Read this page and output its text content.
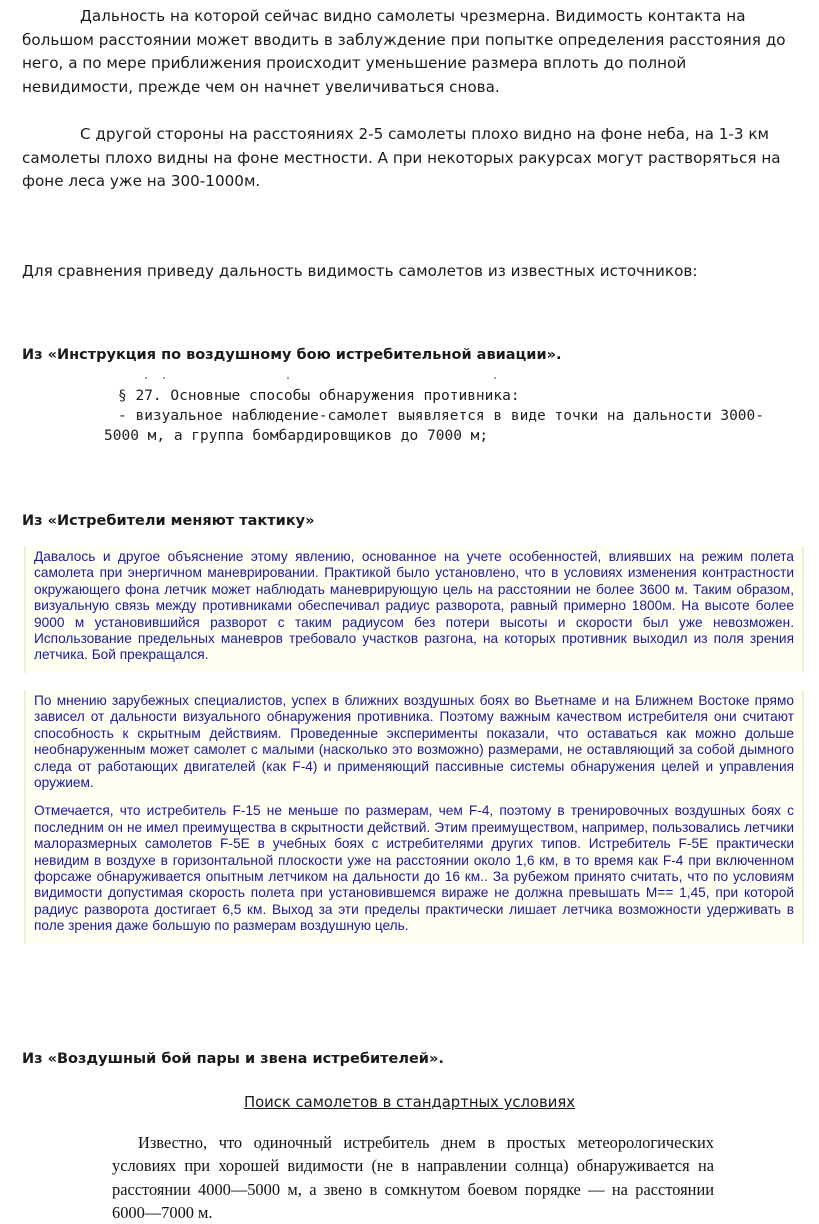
Дальность на которой сейчас видно самолеты чрезмерна. Видимость контакта на большом расстоянии может вводить в заблуждение при попытке определения расстояния до него, а по мере приближения происходит уменьшение размера вплоть до полной невидимости, прежде чем он начнет увеличиваться снова.

С другой стороны на расстояниях 2-5 самолеты плохо видно на фоне неба, на 1-3 км самолеты плохо видны на фоне местности. А при некоторых ракурсах могут растворяться на фоне леса уже на 300-1000м.

Для сравнения приведу дальность видимость самолетов из известных источников:

Из «Инструкция по воздушному бою истребительной авиации».

§ 27. Основные способы обнаружения противника:

- визуальное наблюдение-самолет выявляется в виде точки на дальности 3000-

5000 м, а группа бомбардировщиков до 7000 м;

Из «Истребители меняют тактику»

Давалось и другое объяснение этому явлению, основанное на учете особенностей, влиявших на режим полета самолета при энергичном маневрировании. Практикой было установлено, что в условиях изменения контрастности окружающего фона летчик может наблюдать маневрирующую цель на расстоянии не более 3600 м. Таким образом, визуальную связь между противниками обеспечивал радиус разворота, равный примерно 1800м. На высоте более 9000 м установившийся разворот с таким радиусом без потери высоты и скорости был уже невозможен. Использование предельных маневров требовало участков разгона, на которых противник выходил из поля зрения летчика. Бой прекращался.

По мнению зарубежных специалистов, успех в ближних воздушных боях во Вьетнаме и на Ближнем Востоке прямо зависел от дальности визуального обнаружения противника. Поэтому важным качеством истребителя они считают способность к скрытным действиям. Проведенные эксперименты показали, что оставаться как можно дольше необнаруженным может самолет с малыми (насколько это возможно) размерами, не оставляющий за собой дымного следа от работающих двигателей (как F-4) и применяющий пассивные системы обнаружения целей и управления оружием.

Отмечается, что истребитель F-15 не меньше по размерам, чем F-4, поэтому в тренировочных воздушных боях с последним он не имел преимущества в скрытности действий. Этим преимуществом, например, пользовались летчики малоразмерных самолетов F-5E в учебных боях с истребителями других типов. Истребитель F-5E практически невидим в воздухе в горизонтальной плоскости уже на расстоянии около 1,6 км, в то время как F-4 при включенном форсаже обнаруживается опытным летчиком на дальности до 16 км.. За рубежом принято считать, что по условиям видимости допустимая скорость полета при установившемся вираже не должна превышать М== 1,45, при которой радиус разворота достигает 6,5 км. Выход за эти пределы практически лишает летчика возможности удерживать в поле зрения даже большую по размерам воздушную цель.

Из «Воздушный бой пары и звена истребителей».

Поиск самолетов в стандартных условиях

Известно, что одиночный истребитель днем в простых метеорологических условиях при хорошей видимости (не в направлении солнца) обнаруживается на расстоянии 4000—5000 м, а звено в сомкнутом боевом порядке — на расстоянии 6000—7000 м.
